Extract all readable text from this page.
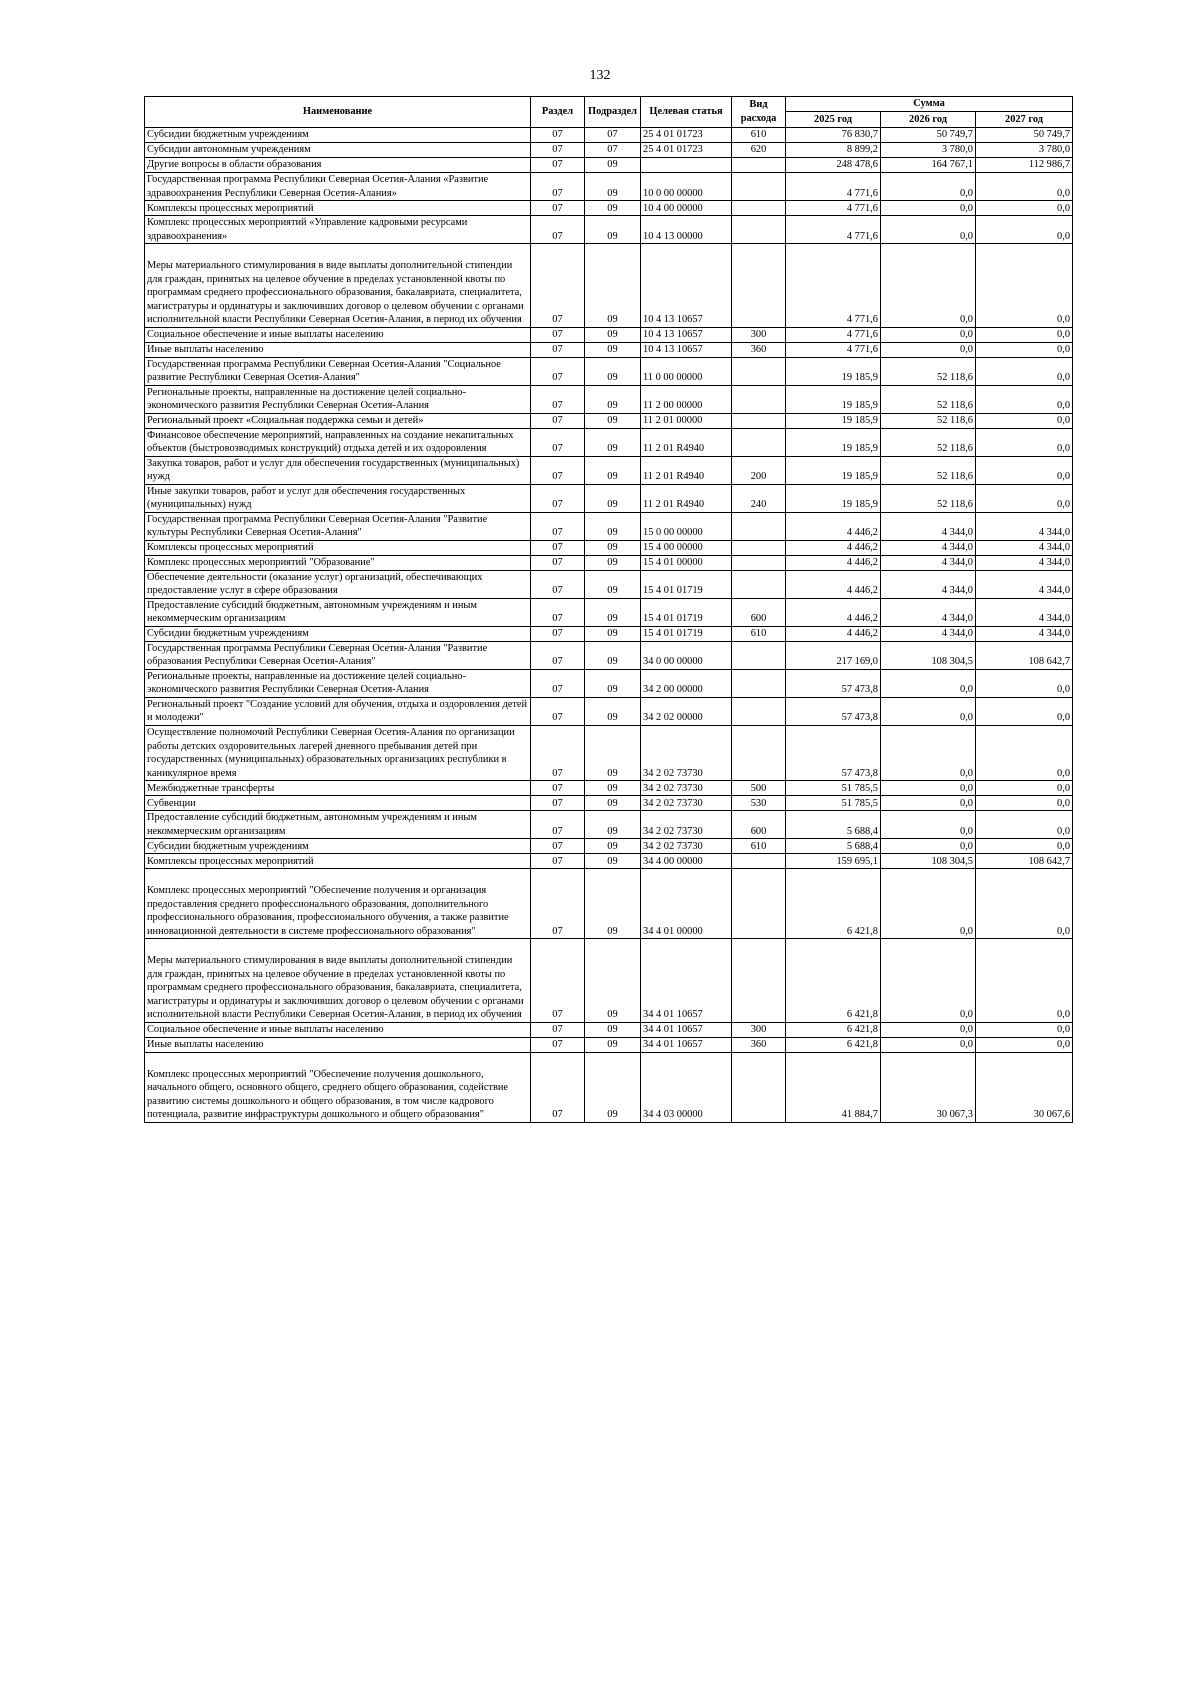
132
Наименование	Раздел	Подраздел	Целевая статья	Вид расхода	Сумма		
					2025 год	2026 год	2027 год
Субсидии бюджетным учреждениям	07	07	25 4 01 01723	610	76 830,7	50 749,7	50 749,7
Субсидии автономным учреждениям	07	07	25 4 01 01723	620	8 899,2	3 780,0	3 780,0
Другие вопросы в области образования	07	09			248 478,6	164 767,1	112 986,7
Государственная программа Республики Северная Осетия-Алания «Развитие здравоохранения Республики Северная Осетия-Алания»	07	09	10 0 00 00000		4 771,6	0,0	0,0
Комплексы процессных мероприятий	07	09	10 4 00 00000		4 771,6	0,0	0,0
Комплекс процессных мероприятий «Управление кадровыми ресурсами здравоохранения»	07	09	10 4 13 00000		4 771,6	0,0	0,0
Меры материального стимулирования в виде выплаты дополнительной стипендии для граждан, принятых на целевое обучение в пределах установленной квоты по программам среднего профессионального образования, бакалавриата, специалитета, магистратуры и ординатуры и заключивших договор о целевом обучении с органами исполнительной власти Республики Северная Осетия-Алания, в период их обучения	07	09	10 4 13 10657		4 771,6	0,0	0,0
Социальное обеспечение и иные выплаты населению	07	09	10 4 13 10657	300	4 771,6	0,0	0,0
Иные выплаты населению	07	09	10 4 13 10657	360	4 771,6	0,0	0,0
Государственная программа Республики Северная Осетия-Алания "Социальное развитие Республики Северная Осетия-Алания"	07	09	11 0 00 00000		19 185,9	52 118,6	0,0
Региональные проекты, направленные на достижение целей социально-экономического развития Республики Северная Осетия-Алания	07	09	11 2 00 00000		19 185,9	52 118,6	0,0
Региональный проект «Социальная поддержка семьи и детей»	07	09	11 2 01 00000		19 185,9	52 118,6	0,0
Финансовое обеспечение мероприятий, направленных на создание некапитальных объектов (быстровозводимых конструкций) отдыха детей и их оздоровления	07	09	11 2 01 R4940		19 185,9	52 118,6	0,0
Закупка товаров, работ и услуг для обеспечения государственных (муниципальных) нужд	07	09	11 2 01 R4940	200	19 185,9	52 118,6	0,0
Иные закупки товаров, работ и услуг для обеспечения государственных (муниципальных) нужд	07	09	11 2 01 R4940	240	19 185,9	52 118,6	0,0
Государственная программа Республики Северная Осетия-Алания "Развитие культуры Республики Северная Осетия-Алания"	07	09	15 0 00 00000		4 446,2	4 344,0	4 344,0
Комплексы процессных мероприятий	07	09	15 4 00 00000		4 446,2	4 344,0	4 344,0
Комплекс процессных мероприятий "Образование"	07	09	15 4 01 00000		4 446,2	4 344,0	4 344,0
Обеспечение деятельности (оказание услуг) организаций, обеспечивающих предоставление услуг в сфере образования	07	09	15 4 01 01719		4 446,2	4 344,0	4 344,0
Предоставление субсидий бюджетным, автономным учреждениям и иным некоммерческим организациям	07	09	15 4 01 01719	600	4 446,2	4 344,0	4 344,0
Субсидии бюджетным учреждениям	07	09	15 4 01 01719	610	4 446,2	4 344,0	4 344,0
Государственная программа Республики Северная Осетия-Алания "Развитие образования Республики Северная Осетия-Алания"	07	09	34 0 00 00000		217 169,0	108 304,5	108 642,7
Региональные проекты, направленные на достижение целей социально-экономического развития Республики Северная Осетия-Алания	07	09	34 2 00 00000		57 473,8	0,0	0,0
Региональный проект "Создание условий для обучения, отдыха и оздоровления детей и молодежи"	07	09	34 2 02 00000		57 473,8	0,0	0,0
Осуществление полномочий Республики Северная Осетия-Алания по организации работы детских оздоровительных лагерей дневного пребывания детей при государственных (муниципальных) образовательных организациях республики в каникулярное время	07	09	34 2 02 73730		57 473,8	0,0	0,0
Межбюджетные трансферты	07	09	34 2 02 73730	500	51 785,5	0,0	0,0
Субвенции	07	09	34 2 02 73730	530	51 785,5	0,0	0,0
Предоставление субсидий бюджетным, автономным учреждениям и иным некоммерческим организациям	07	09	34 2 02 73730	600	5 688,4	0,0	0,0
Субсидии бюджетным учреждениям	07	09	34 2 02 73730	610	5 688,4	0,0	0,0
Комплексы процессных мероприятий	07	09	34 4 00 00000		159 695,1	108 304,5	108 642,7
Комплекс процессных мероприятий "Обеспечение получения и организация предоставления среднего профессионального образования, дополнительного профессионального образования, профессионального обучения, а также развитие инновационной деятельности в системе профессионального образования"	07	09	34 4 01 00000		6 421,8	0,0	0,0
Меры материального стимулирования в виде выплаты дополнительной стипендии для граждан, принятых на целевое обучение в пределах установленной квоты по программам среднего профессионального образования, бакалавриата, специалитета, магистратуры и ординатуры и заключивших договор о целевом обучении с органами исполнительной власти Республики Северная Осетия-Алания, в период их обучения	07	09	34 4 01 10657		6 421,8	0,0	0,0
Социальное обеспечение и иные выплаты населению	07	09	34 4 01 10657	300	6 421,8	0,0	0,0
Иные выплаты населению	07	09	34 4 01 10657	360	6 421,8	0,0	0,0
Комплекс процессных мероприятий "Обеспечение получения дошкольного, начального общего, основного общего, среднего общего образования, содействие развитию системы дошкольного и общего образования, в том числе кадрового потенциала, развитие инфраструктуры дошкольного и общего образования"	07	09	34 4 03 00000		41 884,7	30 067,3	30 067,6
